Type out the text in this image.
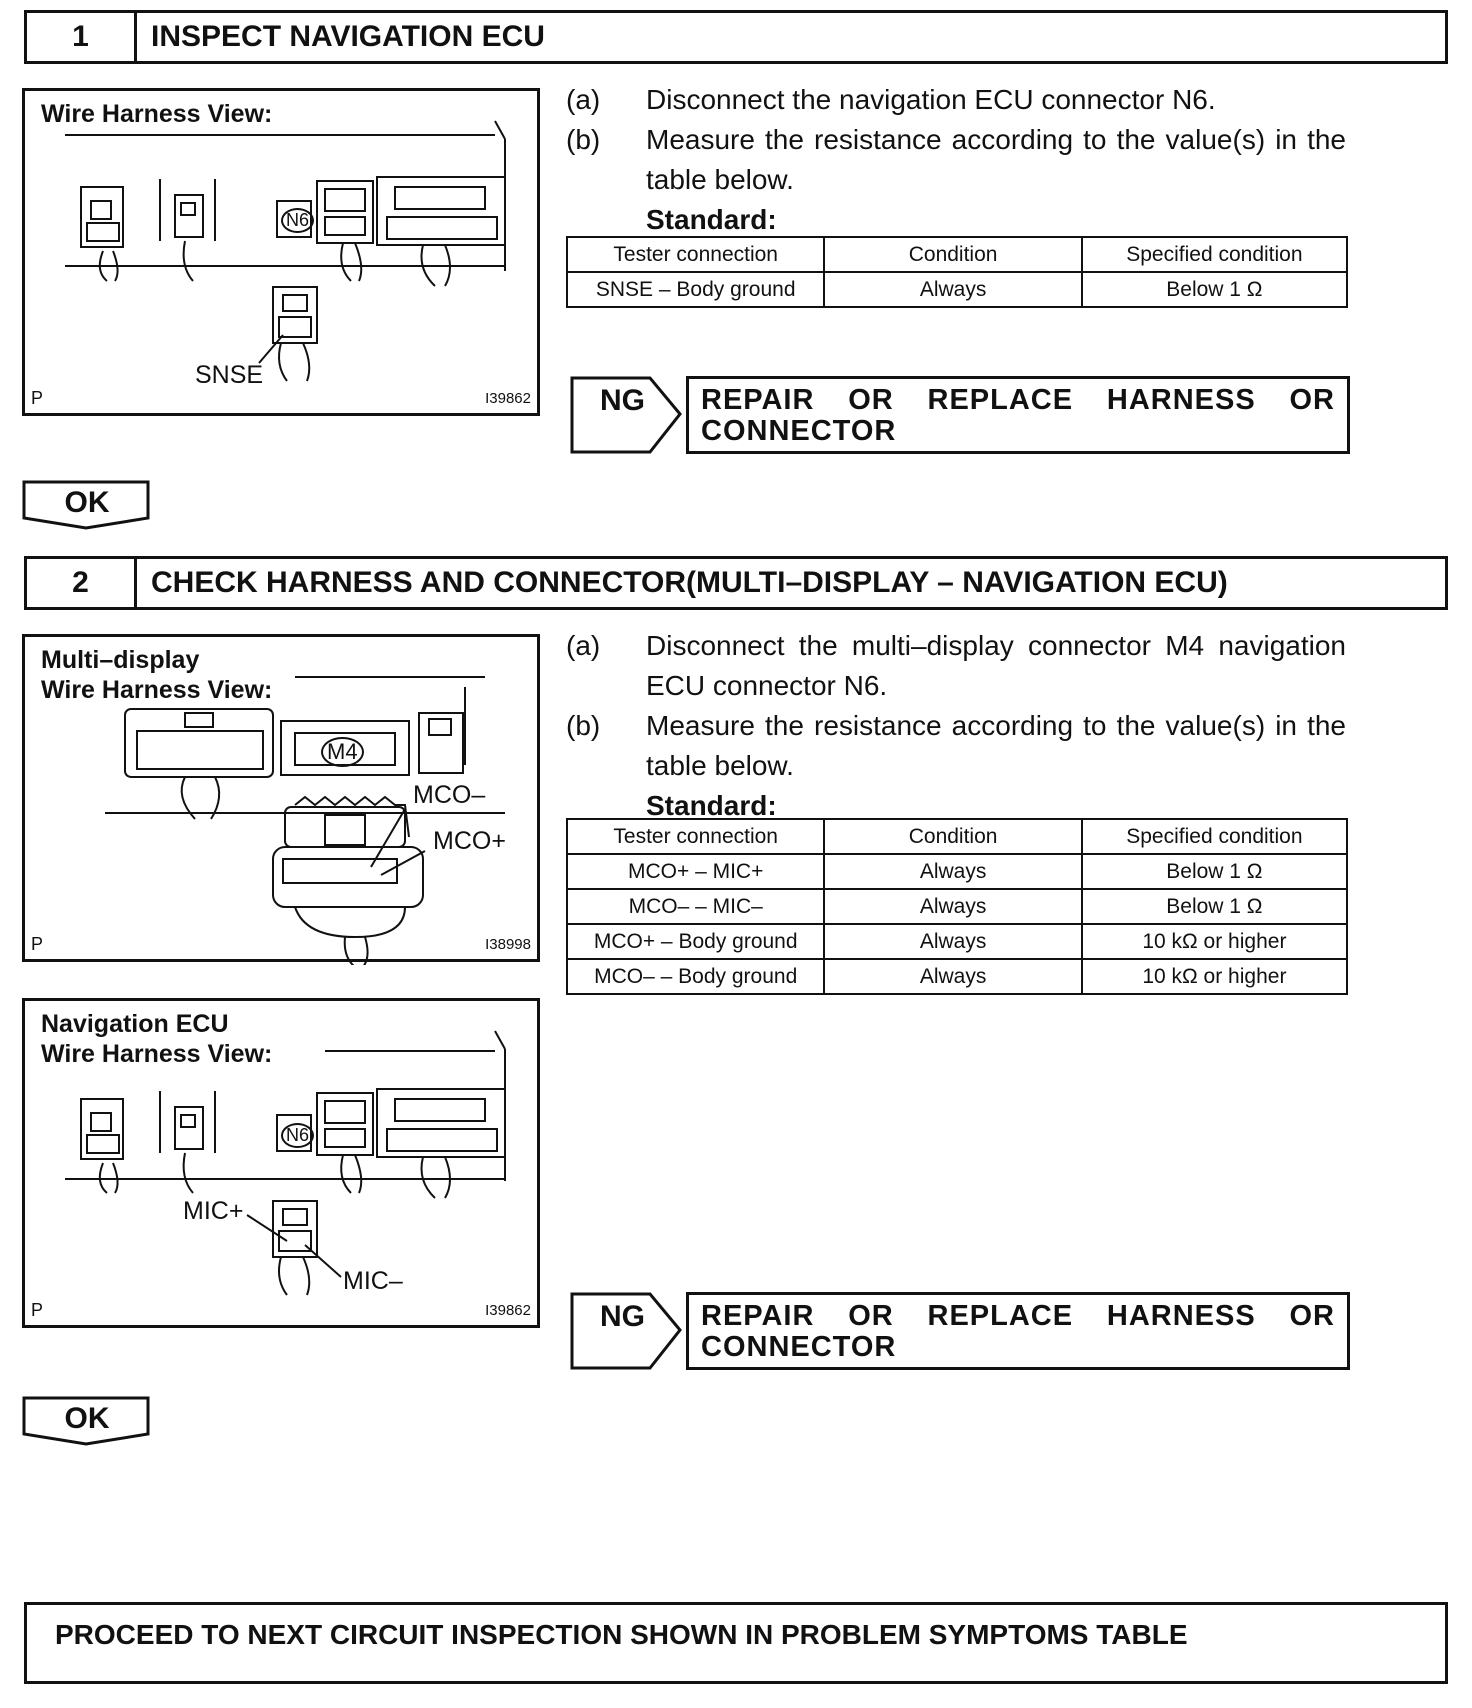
1	INSPECT NAVIGATION ECU
Wire Harness View:
N6
SNSE
P	I39862
(a) Disconnect the navigation ECU connector N6.
(b) Measure the resistance according to the value(s) in the table below.
Standard:
Tester connection	Condition	Specified condition
SNSE – Body ground	Always	Below 1 Ω
NG	REPAIR OR REPLACE HARNESS OR CONNECTOR
OK
2	CHECK HARNESS AND CONNECTOR(MULTI–DISPLAY – NAVIGATION ECU)
Multi–display
Wire Harness View:
M4
MCO–
MCO+
P	I38998
Navigation ECU
Wire Harness View:
N6
MIC+
MIC–
P	I39862
(a) Disconnect the multi–display connector M4 navigation ECU connector N6.
(b) Measure the resistance according to the value(s) in the table below.
Standard:
Tester connection	Condition	Specified condition
MCO+ – MIC+	Always	Below 1 Ω
MCO– – MIC–	Always	Below 1 Ω
MCO+ – Body ground	Always	10 kΩ or higher
MCO– – Body ground	Always	10 kΩ or higher
NG	REPAIR OR REPLACE HARNESS OR CONNECTOR
OK
PROCEED TO NEXT CIRCUIT INSPECTION SHOWN IN PROBLEM SYMPTOMS TABLE
